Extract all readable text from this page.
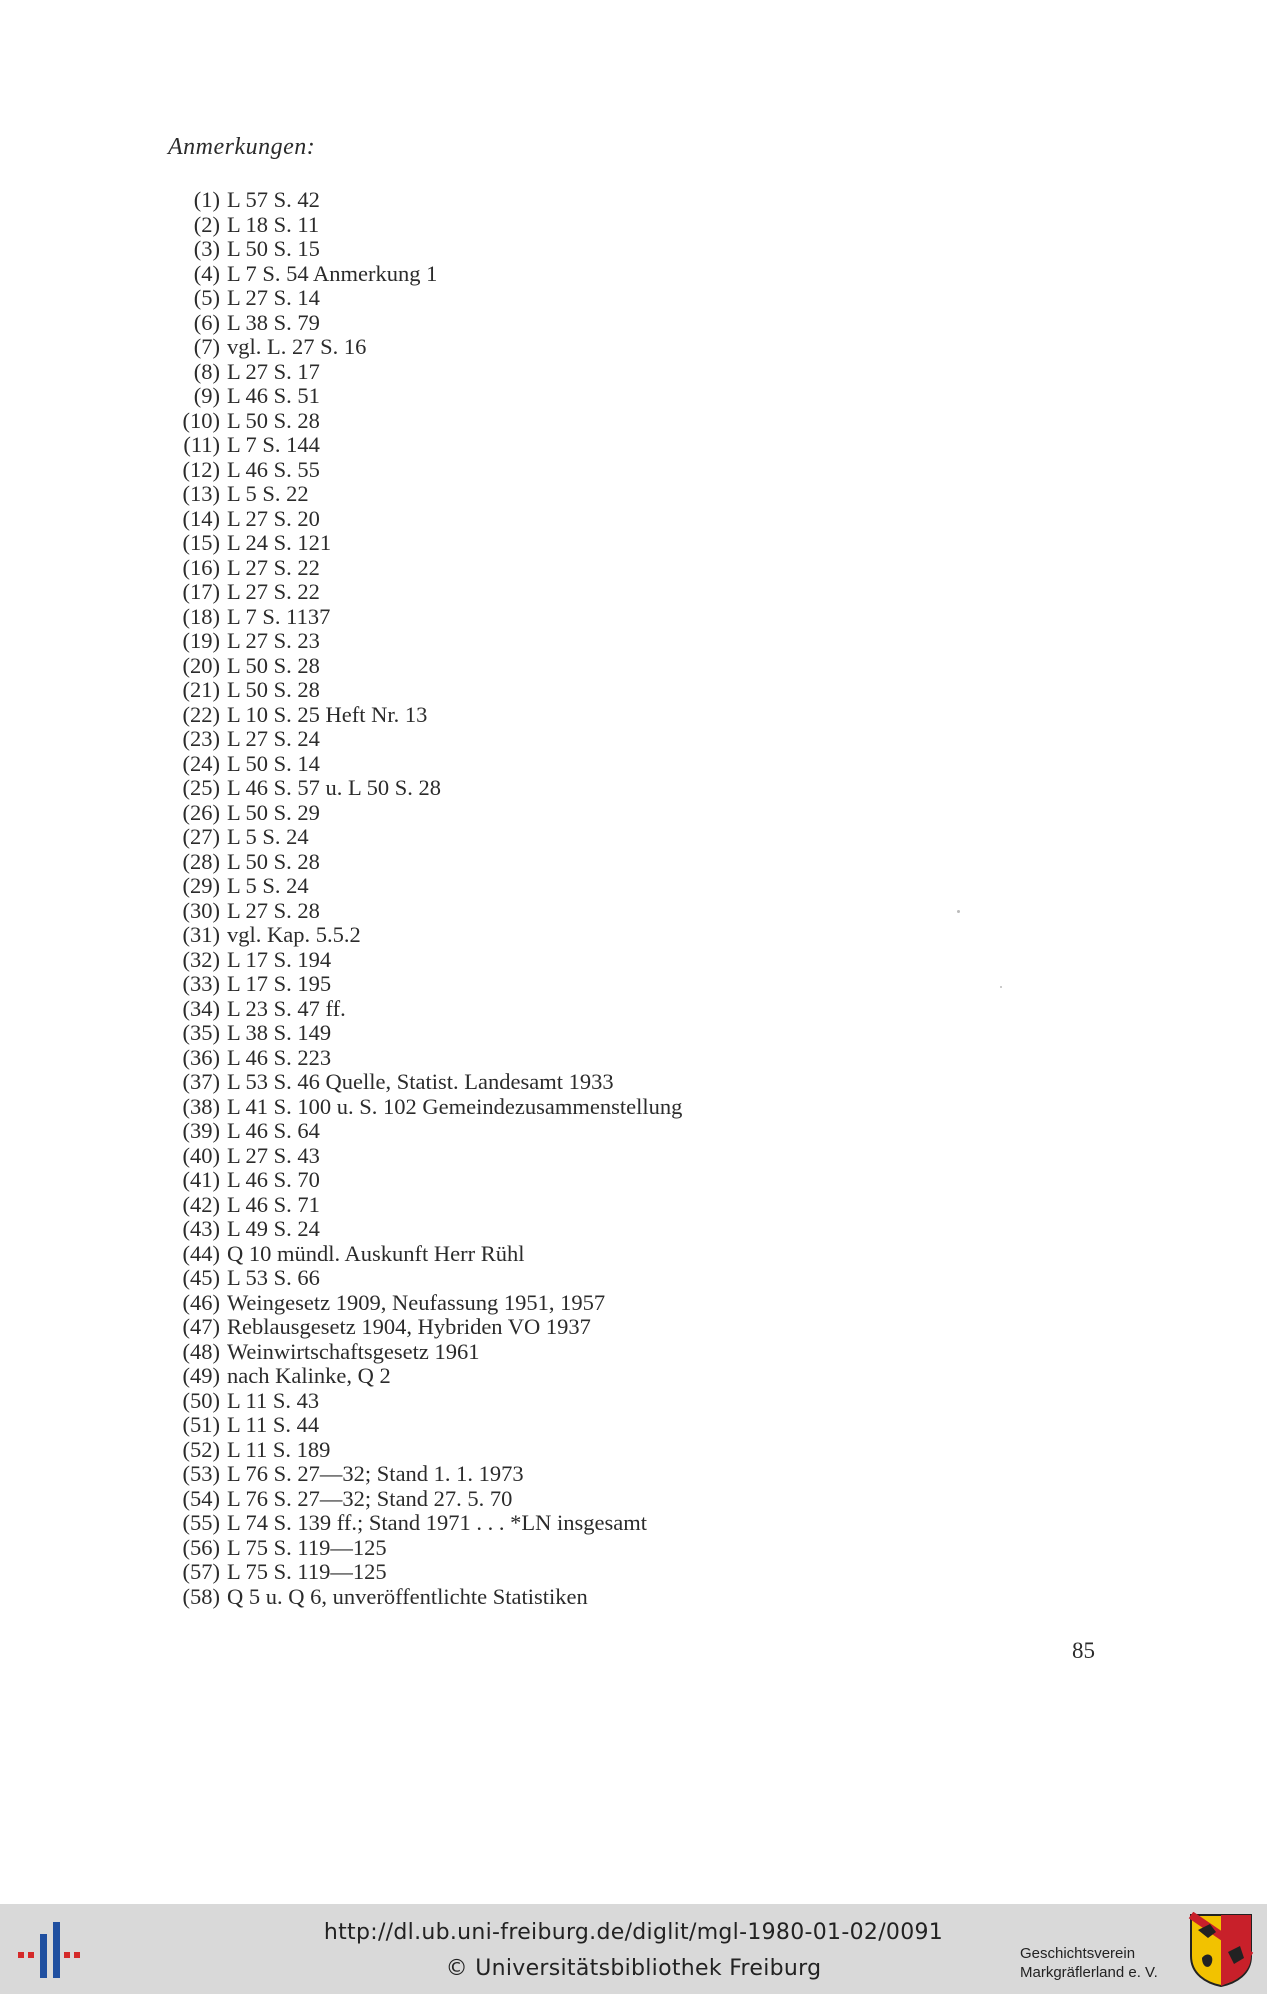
Anmerkungen:
(1) L 57 S. 42
(2) L 18 S. 11
(3) L 50 S. 15
(4) L 7 S. 54 Anmerkung 1
(5) L 27 S. 14
(6) L 38 S. 79
(7) vgl. L. 27 S. 16
(8) L 27 S. 17
(9) L 46 S. 51
(10) L 50 S. 28
(11) L 7 S. 144
(12) L 46 S. 55
(13) L 5 S. 22
(14) L 27 S. 20
(15) L 24 S. 121
(16) L 27 S. 22
(17) L 27 S. 22
(18) L 7 S. 1137
(19) L 27 S. 23
(20) L 50 S. 28
(21) L 50 S. 28
(22) L 10 S. 25 Heft Nr. 13
(23) L 27 S. 24
(24) L 50 S. 14
(25) L 46 S. 57 u. L 50 S. 28
(26) L 50 S. 29
(27) L 5 S. 24
(28) L 50 S. 28
(29) L 5 S. 24
(30) L 27 S. 28
(31) vgl. Kap. 5.5.2
(32) L 17 S. 194
(33) L 17 S. 195
(34) L 23 S. 47 ff.
(35) L 38 S. 149
(36) L 46 S. 223
(37) L 53 S. 46 Quelle, Statist. Landesamt 1933
(38) L 41 S. 100 u. S. 102 Gemeindezusammenstellung
(39) L 46 S. 64
(40) L 27 S. 43
(41) L 46 S. 70
(42) L 46 S. 71
(43) L 49 S. 24
(44) Q 10 mündl. Auskunft Herr Rühl
(45) L 53 S. 66
(46) Weingesetz 1909, Neufassung 1951, 1957
(47) Reblausgesetz 1904, Hybriden VO 1937
(48) Weinwirtschaftsgesetz 1961
(49) nach Kalinke, Q 2
(50) L 11 S. 43
(51) L 11 S. 44
(52) L 11 S. 189
(53) L 76 S. 27—32; Stand 1. 1. 1973
(54) L 76 S. 27—32; Stand 27. 5. 70
(55) L 74 S. 139 ff.; Stand 1971 . . . *LN insgesamt
(56) L 75 S. 119—125
(57) L 75 S. 119—125
(58) Q 5 u. Q 6, unveröffentlichte Statistiken
85
http://dl.ub.uni-freiburg.de/diglit/mgl-1980-01-02/0091
© Universitätsbibliothek Freiburg
Geschichtsverein
Markgräflerland e. V.
